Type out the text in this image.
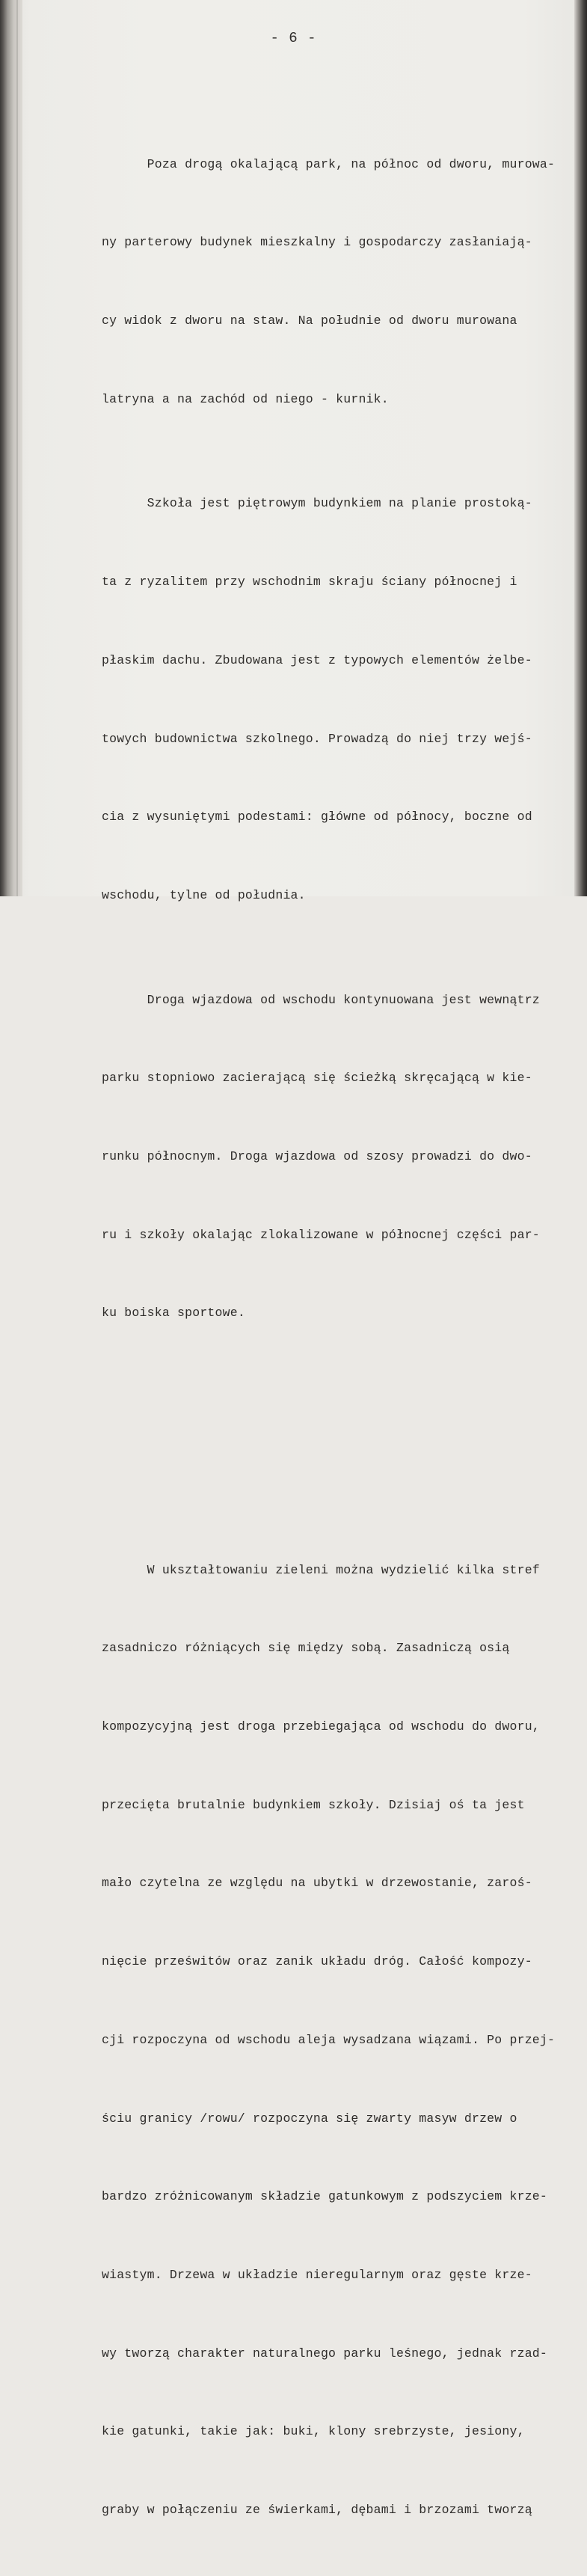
- 6 -

Poza drogą okalającą park, na północ od dworu, murowa-

ny parterowy budynek mieszkalny i gospodarczy zasłaniają-

cy widok z dworu na staw. Na południe od dworu murowana

latryna a na zachód od niego - kurnik.

Szkoła jest piętrowym budynkiem na planie prostoką-

ta z ryzalitem przy wschodnim skraju ściany północnej i

płaskim dachu. Zbudowana jest z typowych elementów żelbe-

towych budownictwa szkolnego. Prowadzą do niej trzy wejś-

cia z wysuniętymi podestami: główne od północy, boczne od

wschodu, tylne od południa.

Droga wjazdowa od wschodu kontynuowana jest wewnątrz

parku stopniowo zacierającą się ścieżką skręcającą w kie-

runku północnym. Droga wjazdowa od szosy prowadzi do dwo-

ru i szkoły okalając zlokalizowane w północnej części par-

ku boiska sportowe.

W ukształtowaniu zieleni można wydzielić kilka stref

zasadniczo różniących się między sobą. Zasadniczą osią

kompozycyjną jest droga przebiegająca od wschodu do dworu,

przecięta brutalnie budynkiem szkoły. Dzisiaj oś ta jest

mało czytelna ze względu na ubytki w drzewostanie, zaroś-

nięcie prześwitów oraz zanik układu dróg. Całość kompozy-

cji rozpoczyna od wschodu aleja wysadzana wiązami. Po przej-

ściu granicy /rowu/ rozpoczyna się zwarty masyw drzew o

bardzo zróżnicowanym składzie gatunkowym z podszyciem krze-

wiastym. Drzewa w układzie nieregularnym oraz gęste krze-

wy tworzą charakter naturalnego parku leśnego, jednak rzad-

kie gatunki, takie jak: buki, klony srebrzyste, jesiony,

graby w połączeniu ze świerkami, dębami i brzozami tworzą
